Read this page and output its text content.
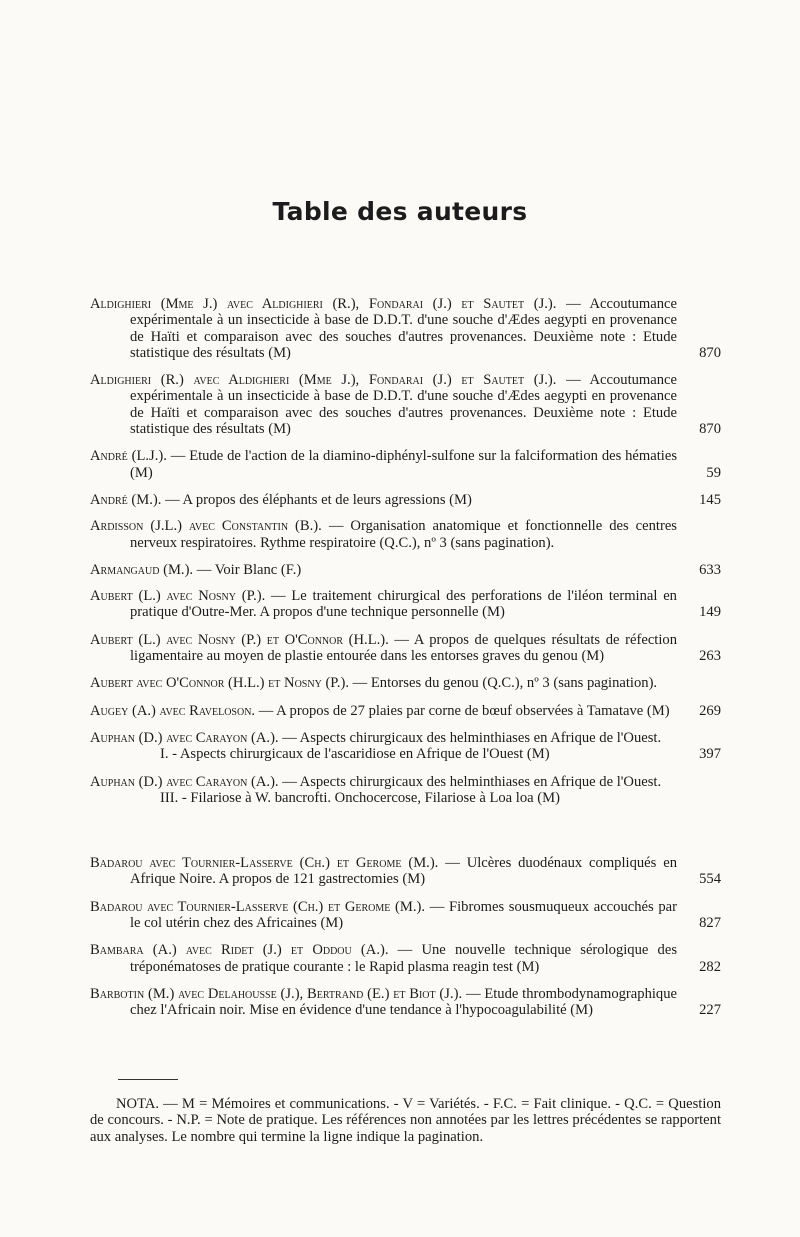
Table des auteurs

Aldighieri (Mme J.) avec Aldighieri (R.), Fondarai (J.) et Sautet (J.). — Accoutumance expérimentale à un insecticide à base de D.D.T. d'une souche d'Ædes aegypti en provenance de Haïti et comparaison avec des souches d'autres provenances. Deuxième note : Etude statistique des résultats (M)	870

Aldighieri (R.) avec Aldighieri (Mme J.), Fondarai (J.) et Sautet (J.). — Accoutumance expérimentale à un insecticide à base de D.D.T. d'une souche d'Ædes aegypti en provenance de Haïti et comparaison avec des souches d'autres provenances. Deuxième note : Etude statistique des résultats (M)	870

André (L.J.). — Etude de l'action de la diamino-diphényl-sulfone sur la falciformation des hématies (M)	59

André (M.). — A propos des éléphants et de leurs agressions (M)	145

Ardisson (J.L.) avec Constantin (B.). — Organisation anatomique et fonctionnelle des centres nerveux respiratoires. Rythme respiratoire (Q.C.), nº 3 (sans pagination).

Armangaud (M.). — Voir Blanc (F.)	633

Aubert (L.) avec Nosny (P.). — Le traitement chirurgical des perforations de l'iléon terminal en pratique d'Outre-Mer. A propos d'une technique personnelle (M)	149

Aubert (L.) avec Nosny (P.) et O'Connor (H.L.). — A propos de quelques résultats de réfection ligamentaire au moyen de plastie entourée dans les entorses graves du genou (M)	263

Aubert avec O'Connor (H.L.) et Nosny (P.). — Entorses du genou (Q.C.), nº 3 (sans pagination).

Augey (A.) avec Raveloson. — A propos de 27 plaies par corne de bœuf observées à Tamatave (M) 269

Auphan (D.) avec Carayon (A.). — Aspects chirurgicaux des helminthiases en Afrique de l'Ouest.
I. - Aspects chirurgicaux de l'ascaridiose en Afrique de l'Ouest (M)	397

Auphan (D.) avec Carayon (A.). — Aspects chirurgicaux des helminthiases en Afrique de l'Ouest.
III. - Filariose à W. bancrofti. Onchocercose, Filariose à Loa loa (M)

Badarou avec Tournier-Lasserve (Ch.) et Gerome (M.). — Ulcères duodénaux compliqués en Afrique Noire. A propos de 121 gastrectomies (M)	554

Badarou avec Tournier-Lasserve (Ch.) et Gerome (M.). — Fibromes sousmuqueux accouchés par le col utérin chez des Africaines (M)	827

Bambara (A.) avec Ridet (J.) et Oddou (A.). — Une nouvelle technique sérologique des tréponématoses de pratique courante : le Rapid plasma reagin test (M)	282

Barbotin (M.) avec Delahousse (J.), Bertrand (E.) et Biot (J.). — Etude thrombodynamographique chez l'Africain noir. Mise en évidence d'une tendance à l'hypocoagulabilité (M)	227

NOTA. — M = Mémoires et communications. - V = Variétés. - F.C. = Fait clinique. - Q.C. = Question de concours. - N.P. = Note de pratique. Les références non annotées par les lettres précédentes se rapportent aux analyses. Le nombre qui termine la ligne indique la pagination.
